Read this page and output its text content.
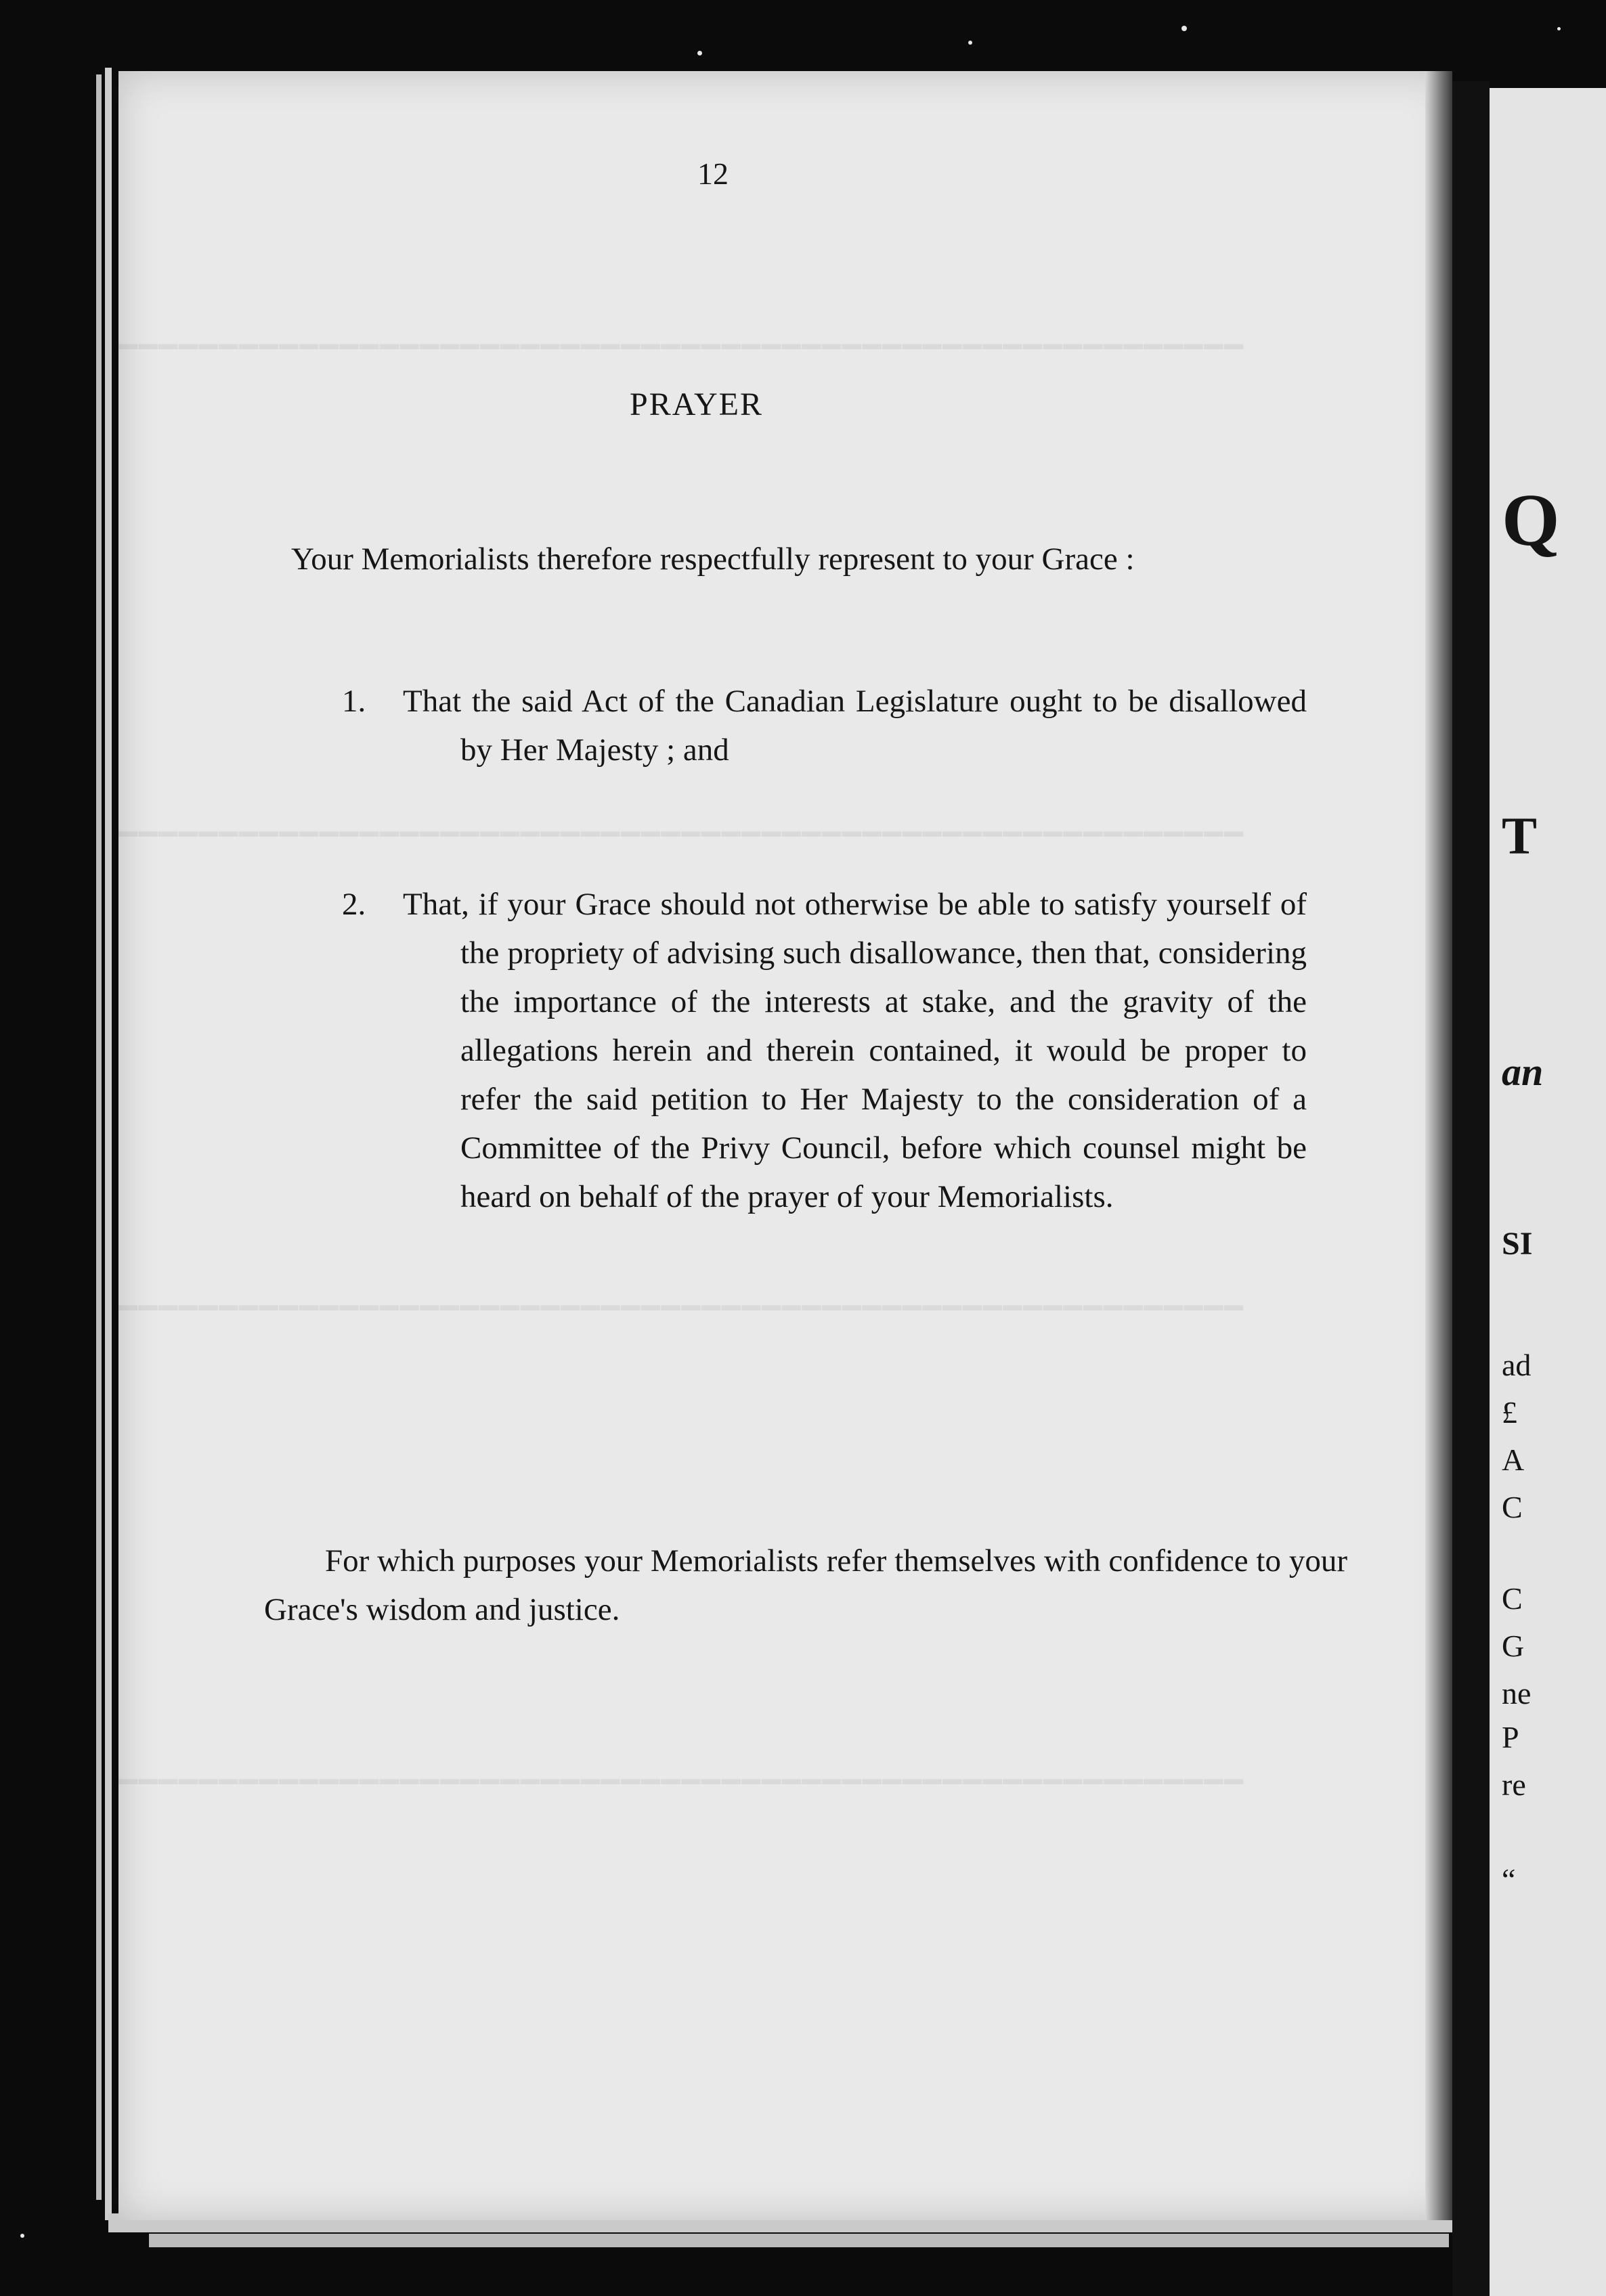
━━━━━━━━━━━━━━━━━━━━━━━━━━━━━━━━━━━━━━━━━━━━━━━━━━━━━━━━
━━━━━━━━━━━━━━━━━━━━━━━━━━━━━━━━━━━━━━━━━━━━━━━━━━━━━━━━
━━━━━━━━━━━━━━━━━━━━━━━━━━━━━━━━━━━━━━━━━━━━━━━━━━━━━━━━
━━━━━━━━━━━━━━━━━━━━━━━━━━━━━━━━━━━━━━━━━━━━━━━━━━━━━━━━
12
PRAYER
Your Memorialists therefore respectfully represent to your Grace :
1. That the said Act of the Canadian Legislature ought to be disallowed by Her Majesty ; and
2. That, if your Grace should not otherwise be able to satisfy yourself of the propriety of advising such disallowance, then that, considering the importance of the interests at stake, and the gravity of the allegations herein and therein contained, it would be proper to refer the said petition to Her Majesty to the consideration of a Committee of the Privy Council, before which counsel might be heard on behalf of the prayer of your Memorialists.
For which purposes your Memorialists refer themselves with confidence to your Grace's wisdom and justice.
Q
T
an
SI
ad
£
A
C
C
G
ne
P
re
“
